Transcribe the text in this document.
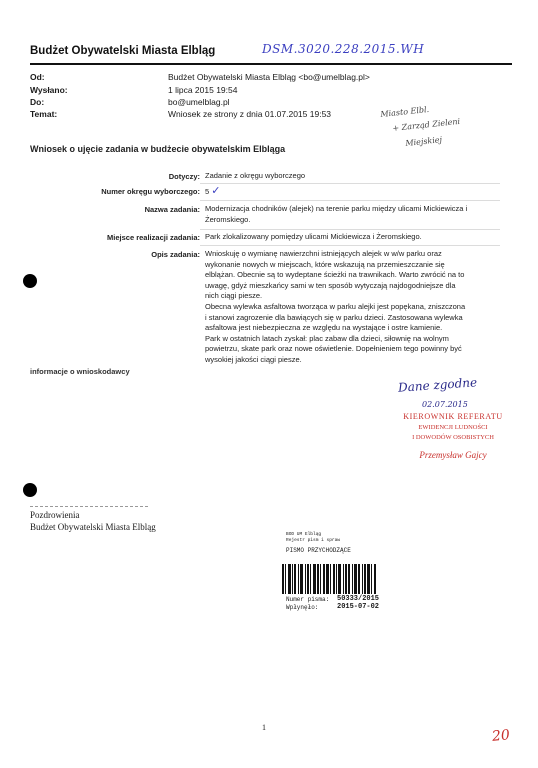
Budżet Obywatelski Miasta Elbląg	DSM.3020.228.2015.WH
Od:	Budżet Obywatelski Miasta Elbląg <bo@umelblag.pl>
Wysłano:	1 lipca 2015 19:54
Do:	bo@umelblag.pl
Temat:	Wniosek ze strony z dnia 01.07.2015 19:53	Miasto Elbl.
+ Zarząd Zieleni
Miejskiej
Wniosek o ujęcie zadania w budżecie obywatelskim Elbląga
Dotyczy: Zadanie z okręgu wyborczego
Numer okręgu wyborczego: 5 ✓
Nazwa zadania: Modernizacja chodników (alejek) na terenie parku między ulicami Mickiewicza i Żeromskiego.
Miejsce realizacji zadania: Park zlokalizowany pomiędzy ulicami Mickiewicza i Żeromskiego.
Opis zadania: Wnioskuję o wymianę nawierzchni istniejących alejek w w/w parku oraz
wykonanie nowych w miejscach, które wskazują na przemieszczanie się
elblążan. Obecnie są to wydeptane ścieżki na trawnikach. Warto zwrócić na to
uwagę, gdyż mieszkańcy sami w ten sposób wytyczają najdogodniejsze dla
nich ciągi piesze.
Obecna wylewka asfaltowa tworząca w parku alejki jest popękana, zniszczona
i stanowi zagrozenie dla bawiących się w parku dzieci. Zastosowana wylewka
asfaltowa jest niebezpieczna ze względu na wystające i ostre kamienie.
Park w ostatnich latach zyskał: plac zabaw dla dzieci, siłownię na wolnym
powietrzu, skate park oraz nowe oświetlenie. Dopełnieniem tego powinny być
wysokiej jakości ciągi piesze.
informacje o wnioskodawcy
Dane zgodne
02.07.2015
KIEROWNIK REFERATU
EWIDENCJI LUDNOŚCI
I DOWODÓW OSOBISTYCH
Przemysław Gajcy
Pozdrowienia
Budżet Obywatelski Miasta Elbląg
BOD UM Elbląg
Rejestr pism i spraw
PISMO PRZYCHODZĄCE
Numer pisma: 50333/2015
Wpłynęło:	2015-07-02
1	20
